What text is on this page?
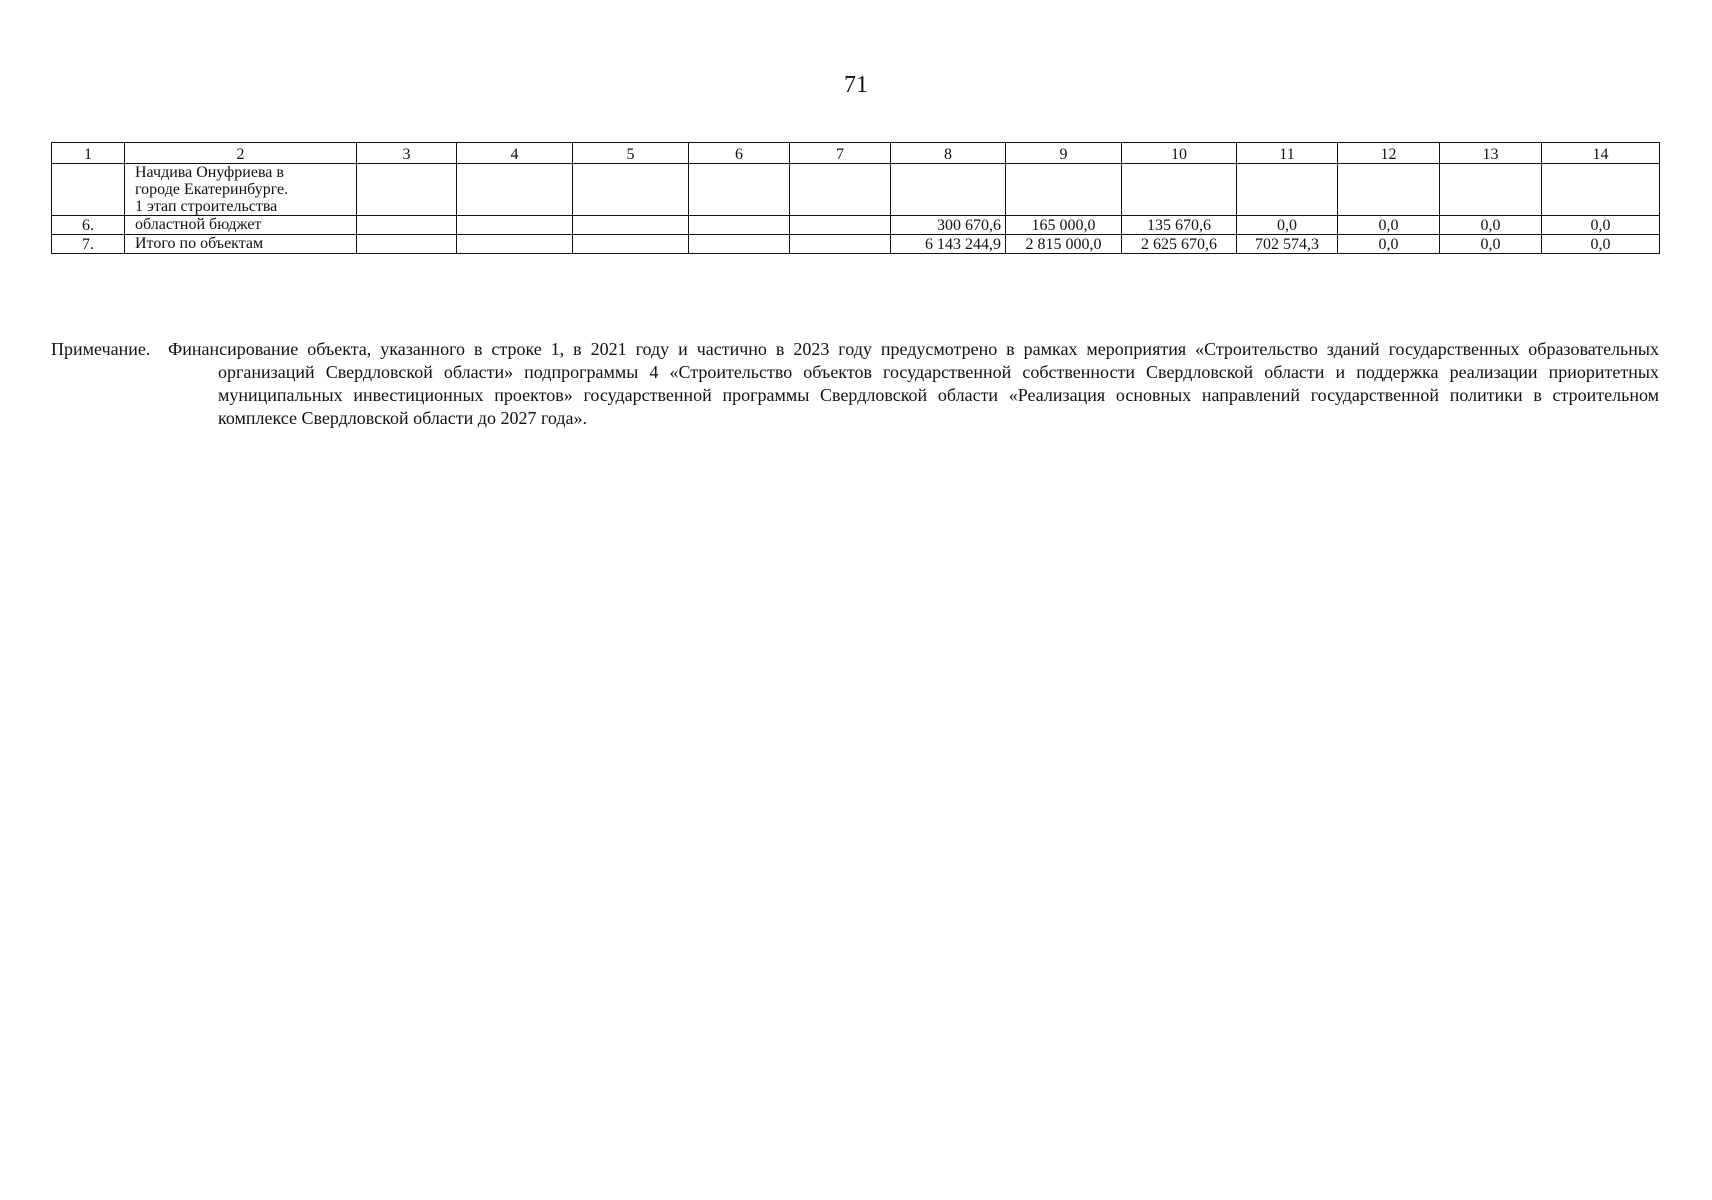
71
1	2	3	4	5	6	7	8	9	10	11	12	13	14

	Начдива Онуфриева в
городе Екатеринбурге.
1 этап строительства												

6.	областной бюджет						300 670,6	165 000,0	135 670,6	0,0	0,0	0,0	0,0
7.	Итого по объектам						6 143 244,9	2 815 000,0	2 625 670,6	702 574,3	0,0	0,0	0,0
Примечание. Финансирование объекта, указанного в строке 1, в 2021 году и частично в 2023 году предусмотрено в рамках мероприятия «Строительство зданий государственных образовательных организаций Свердловской области» подпрограммы 4 «Строительство объектов государственной собственности Свердловской области и поддержка реализации приоритетных муниципальных инвестиционных проектов» государственной программы Свердловской области «Реализация основных направлений государственной политики в строительном комплексе Свердловской области до 2027 года».
